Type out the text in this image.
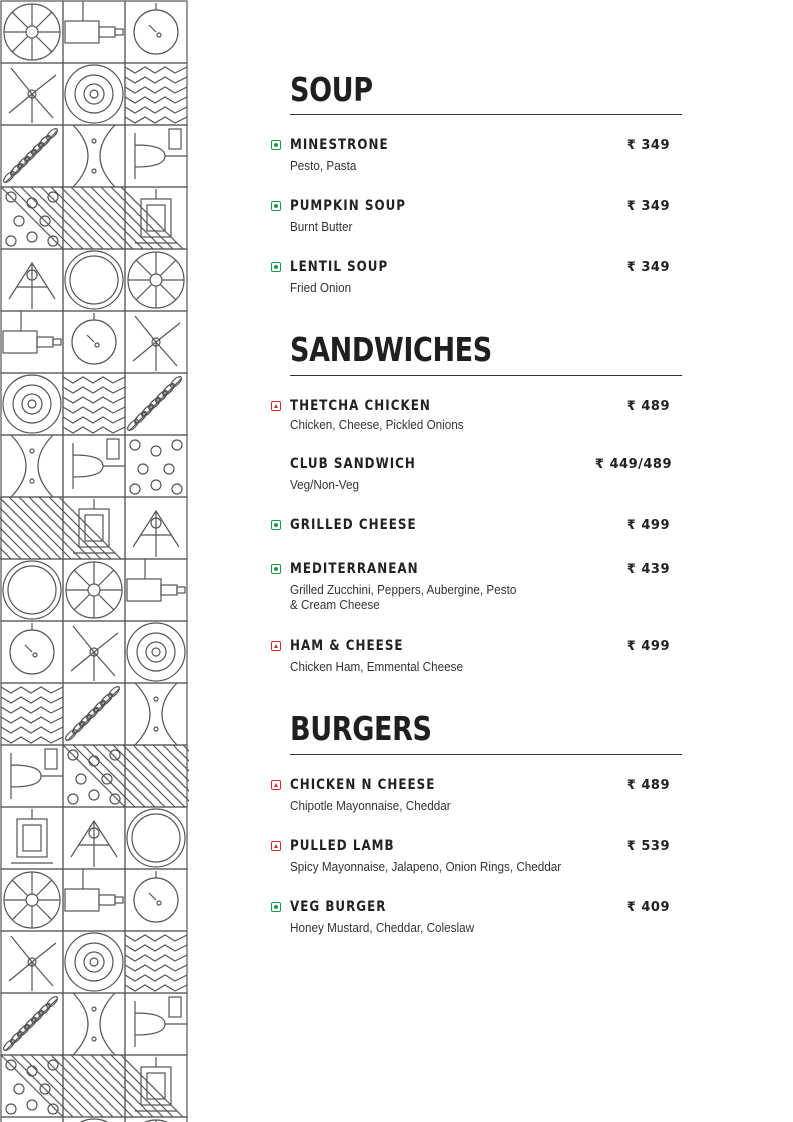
SOUP
MINESTRONE

Pesto, Pasta

₹ 349
PUMPKIN SOUP

Burnt Butter

₹ 349
LENTIL SOUP

Fried Onion

₹ 349
SANDWICHES
THETCHA CHICKEN

Chicken, Cheese, Pickled Onions

₹ 489
CLUB SANDWICH

Veg/Non-Veg

₹ 449/489
GRILLED CHEESE	₹ 499
MEDITERRANEAN

Grilled Zucchini, Peppers, Aubergine, Pesto & Cream Cheese

₹ 439
HAM & CHEESE

Chicken Ham, Emmental Cheese

₹ 499
BURGERS
CHICKEN N CHEESE

Chipotle Mayonnaise, Cheddar

₹ 489
PULLED LAMB

Spicy Mayonnaise, Jalapeno, Onion Rings, Cheddar

₹ 539
VEG BURGER

Honey Mustard, Cheddar, Coleslaw

₹ 409
